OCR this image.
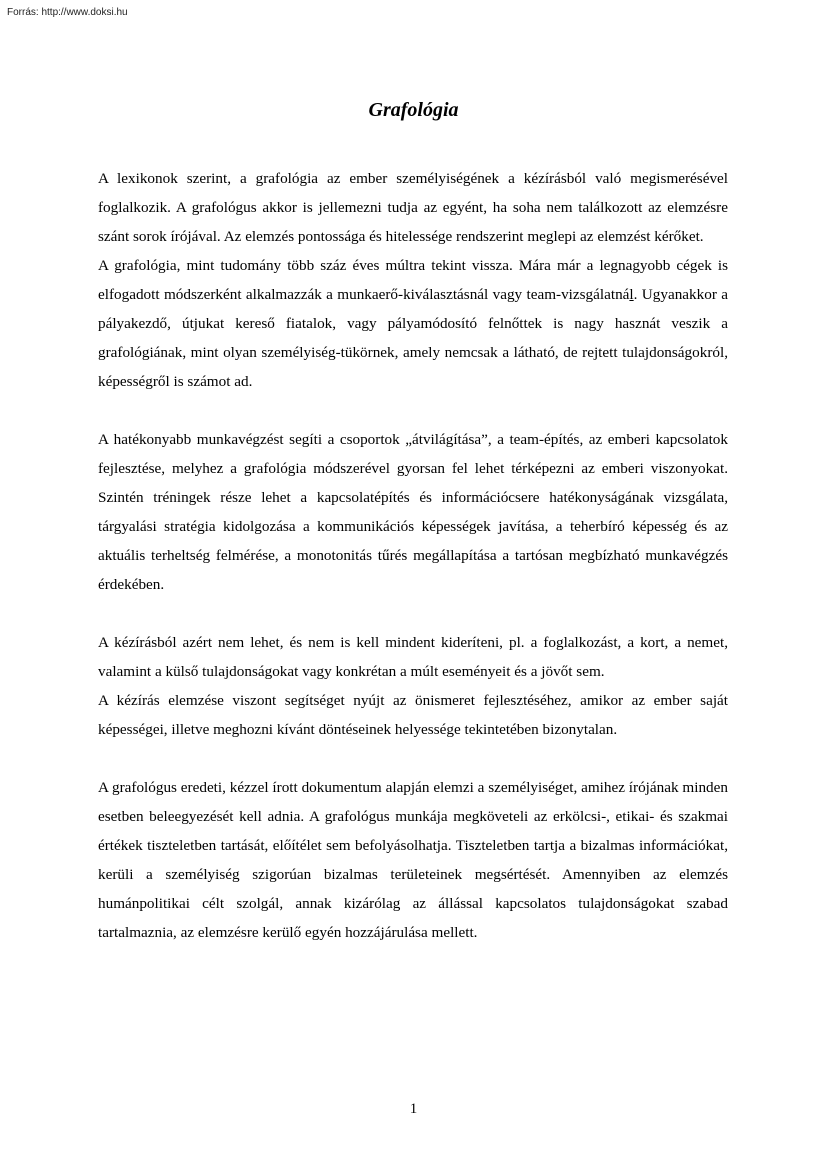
Forrás: http://www.doksi.hu
Grafológia

A lexikonok szerint, a grafológia az ember személyiségének a kézírásból való megismerésével foglalkozik. A grafológus akkor is jellemezni tudja az egyént, ha soha nem találkozott az elemzésre szánt sorok írójával. Az elemzés pontossága és hitelessége rendszerint meglepi az elemzést kérőket.

A grafológia, mint tudomány több száz éves múltra tekint vissza. Mára már a legnagyobb cégek is elfogadott módszerként alkalmazzák a munkaerő-kiválasztásnál vagy team-vizsgálatnál. Ugyanakkor a pályakezdő, útjukat kereső fiatalok, vagy pályamódosító felnőttek is nagy hasznát veszik a grafológiának, mint olyan személyiség-tükörnek, amely nemcsak a látható, de rejtett tulajdonságokról, képességről is számot ad.

A hatékonyabb munkavégzést segíti a csoportok „átvilágítása”, a team-építés, az emberi kapcsolatok fejlesztése, melyhez a grafológia módszerével gyorsan fel lehet térképezni az emberi viszonyokat. Szintén tréningek része lehet a kapcsolatépítés és információcsere hatékonyságának vizsgálata, tárgyalási stratégia kidolgozása a kommunikációs képességek javítása, a teherbíró képesség és az aktuális terheltség felmérése, a monotonitás tűrés megállapítása a tartósan megbízható munkavégzés érdekében.

A kézírásból azért nem lehet, és nem is kell mindent kideríteni, pl. a foglalkozást, a kort, a nemet, valamint a külső tulajdonságokat vagy konkrétan a múlt eseményeit és a jövőt sem.

A kézírás elemzése viszont segítséget nyújt az önismeret fejlesztéséhez, amikor az ember saját képességei, illetve meghozni kívánt döntéseinek helyessége tekintetében bizonytalan.

A grafológus eredeti, kézzel írott dokumentum alapján elemzi a személyiséget, amihez írójának minden esetben beleegyezését kell adnia. A grafológus munkája megköveteli az erkölcsi-, etikai- és szakmai értékek tiszteletben tartását, előítélet sem befolyásolhatja. Tiszteletben tartja a bizalmas információkat, kerüli a személyiség szigorúan bizalmas területeinek megsértését. Amennyiben az elemzés humánpolitikai célt szolgál, annak kizárólag az állással kapcsolatos tulajdonságokat szabad tartalmaznia, az elemzésre kerülő egyén hozzájárulása mellett.

1
